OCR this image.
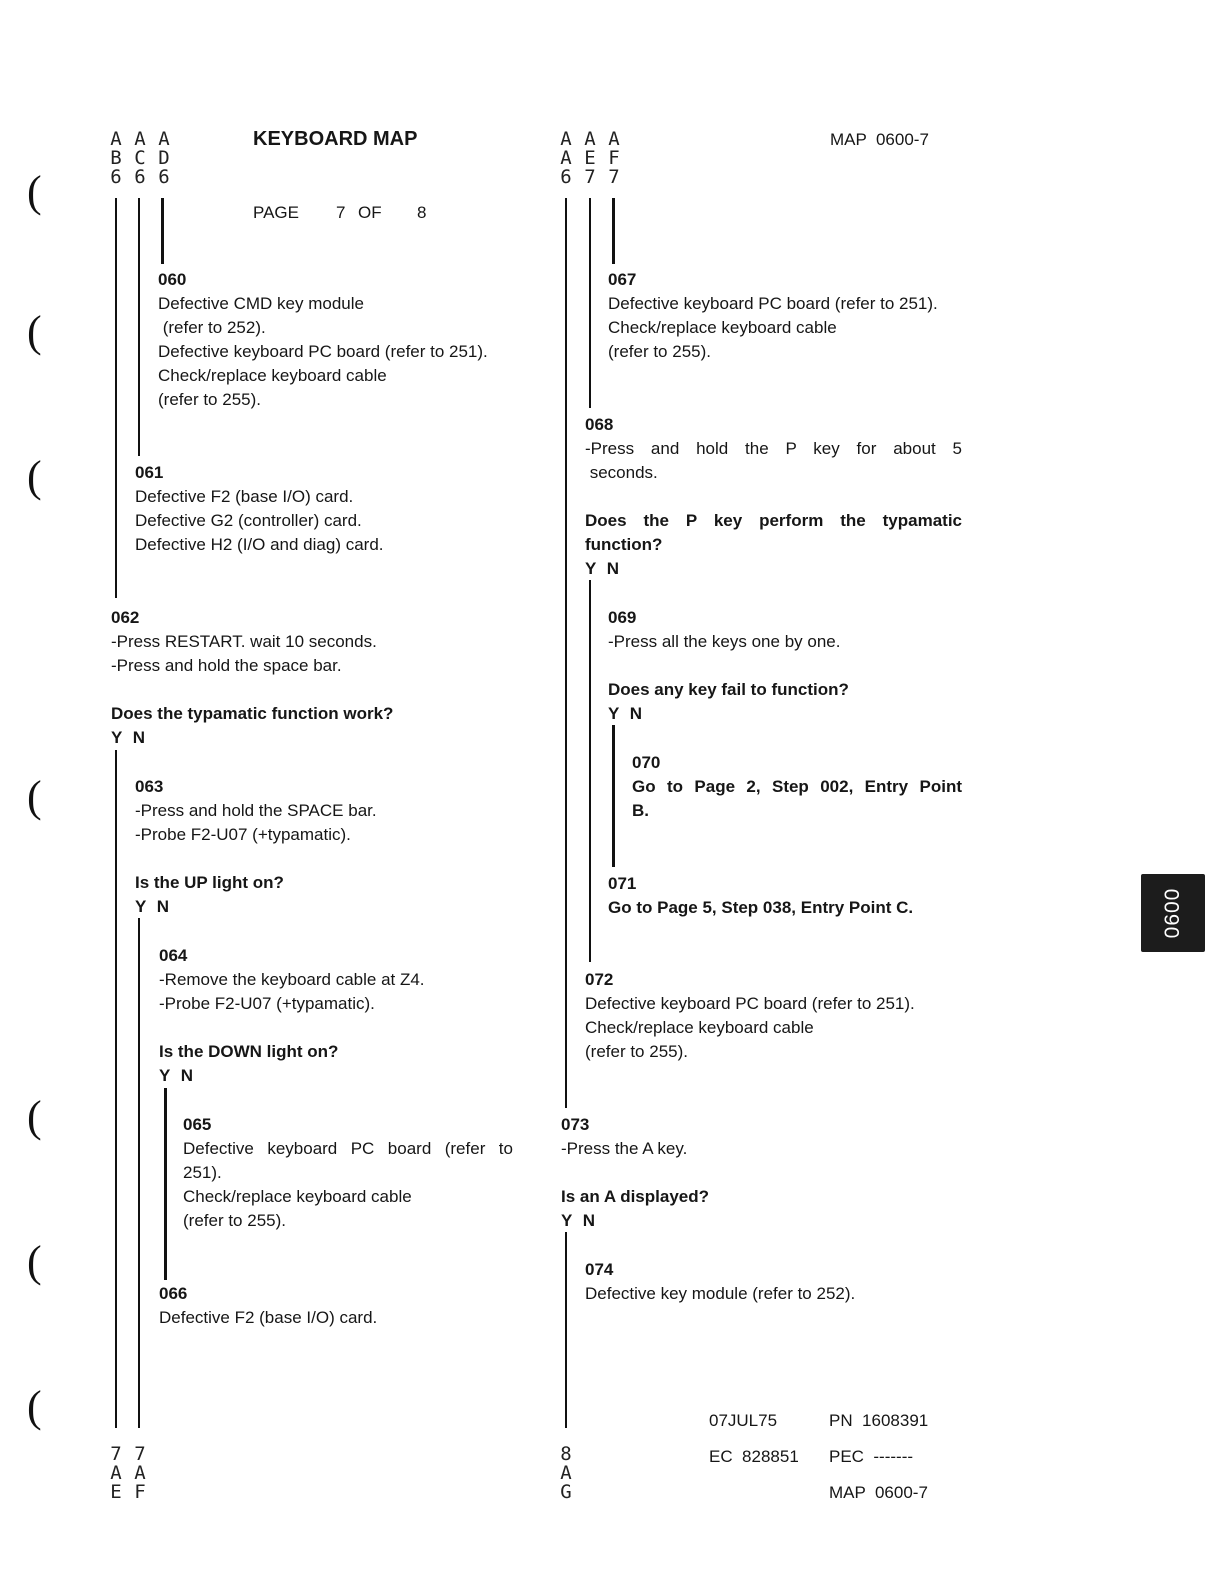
(
(
(
(
(
(
(
KEYBOARD MAP
PAGE 7 OF 8
MAP  0600-7
A
B
6
A
C
6
A
D
6
A
A
6
A
E
7
A
F
7
060
Defective CMD key module
(refer to 252).
Defective keyboard PC board (refer to 251).
Check/replace keyboard cable
(refer to 255).
061
Defective F2 (base I/O) card.
Defective G2 (controller) card.
Defective H2 (I/O and diag) card.
062
-Press RESTART. wait 10 seconds.
-Press and hold the space bar.
Does the typamatic function work?
Y N
063
-Press and hold the SPACE bar.
-Probe F2-U07 (+typamatic).
Is the UP light on?
Y N
064
-Remove the keyboard cable at Z4.
-Probe F2-U07 (+typamatic).
Is the DOWN light on?
Y N
065
Defective keyboard PC board (refer to
251).
Check/replace keyboard cable
(refer to 255).
066
Defective F2 (base I/O) card.
067
Defective keyboard PC board (refer to 251).
Check/replace keyboard cable
(refer to 255).
068
-Press and hold the P key for about 5
seconds.
Does the P key perform the typamatic
function?
Y N
069
-Press all the keys one by one.
Does any key fail to function?
Y N
070
Go to Page 2, Step 002, Entry Point
B.
071
Go to Page 5, Step 038, Entry Point C.
072
Defective keyboard PC board (refer to 251).
Check/replace keyboard cable
(refer to 255).
073
-Press the A key.
Is an A displayed?
Y N
074
Defective key module (refer to 252).
7
A
E
7
A
F
8
A
G
07JUL75	PN  1608391
EC  828851 PEC  -------
MAP  0600-7
0600
